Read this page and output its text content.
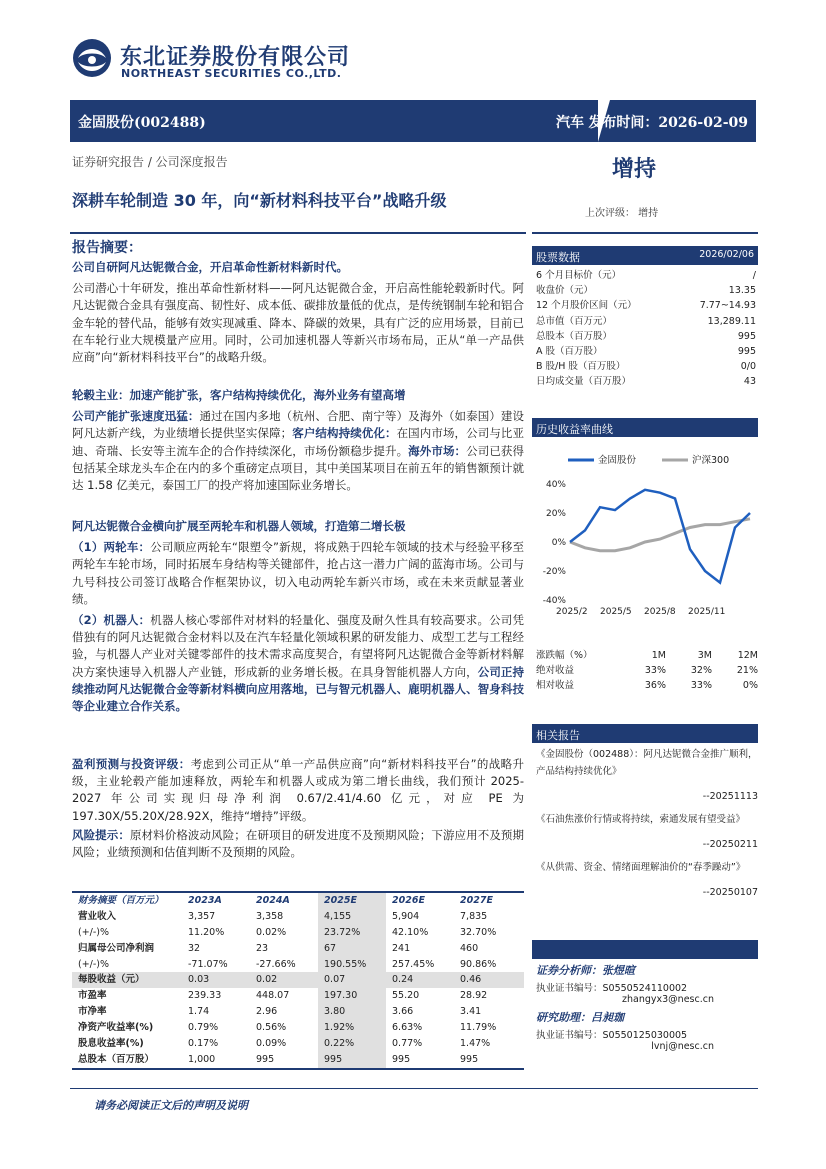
东北证券股份有限公司
NORTHEAST SECURITIES CO.,LTD.
金固股份(002488)	汽车 发布时间：2026-02-09
证券研究报告 / 公司深度报告	增持
深耕车轮制造 30 年，向“新材料科技平台”战略升级
上次评级： 增持
报告摘要：
公司自研阿凡达铌微合金，开启革命性新材料新时代。
公司潜心十年研发，推出革命性新材料——阿凡达铌微合金，开启高性能轮毂新时代。阿凡达铌微合金具有强度高、韧性好、成本低、碳排放量低的优点，是传统钢制车轮和铝合金车轮的替代品，能够有效实现减重、降本、降碳的效果，具有广泛的应用场景，目前已在车轮行业大规模量产应用。同时，公司加速机器人等新兴市场布局，正从“单一产品供应商”向“新材料科技平台”的战略升级。
轮毂主业：加速产能扩张，客户结构持续优化，海外业务有望高增
公司产能扩张速度迅猛：通过在国内多地（杭州、合肥、南宁等）及海外（如泰国）建设阿凡达新产线，为业绩增长提供坚实保障；客户结构持续优化：在国内市场，公司与比亚迪、奇瑞、长安等主流车企的合作持续深化，市场份额稳步提升。海外市场：公司已获得包括某全球龙头车企在内的多个重磅定点项目，其中美国某项目在前五年的销售额预计就达 1.58 亿美元，泰国工厂的投产将加速国际业务增长。
阿凡达铌微合金横向扩展至两轮车和机器人领域，打造第二增长极
（1）两轮车：公司顺应两轮车“限塑令”新规，将成熟于四轮车领域的技术与经验平移至两轮车车轮市场，同时拓展车身结构等关键部件，抢占这一潜力广阔的蓝海市场。公司与九号科技公司签订战略合作框架协议，切入电动两轮车新兴市场，或在未来贡献显著业绩。
（2）机器人：机器人核心零部件对材料的轻量化、强度及耐久性具有较高要求。公司凭借独有的阿凡达铌微合金材料以及在汽车轻量化领域积累的研发能力、成型工艺与工程经验，与机器人产业对关键零部件的技术需求高度契合，有望将阿凡达铌微合金等新材料解决方案快速导入机器人产业链，形成新的业务增长极。在具身智能机器人方向，公司正持续推动阿凡达铌微合金等新材料横向应用落地，已与智元机器人、鹿明机器人、智身科技等企业建立合作关系。
盈利预测与投资评级：考虑到公司正从“单一产品供应商”向“新材料科技平台”的战略升级，主业轮毂产能加速释放，两轮车和机器人或成为第二增长曲线，我们预计 2025-2027 年公司实现归母净利润 0.67/2.41/4.60 亿元，对应 PE 为 197.30X/55.20X/28.92X，维持“增持”评级。
风险提示：原材料价格波动风险；在研项目的研发进度不及预期风险；下游应用不及预期风险；业绩预测和估值判断不及预期的风险。
财务摘要（百万元）	2023A	2024A	2025E	2026E	2027E
营业收入	3,357	3,358	4,155	5,904	7,835
(+/-)%	11.20%	0.02%	23.72%	42.10%	32.70%
归属母公司净利润	32	23	67	241	460
(+/-)%	-71.07%	-27.66%	190.55%	257.45%	90.86%
每股收益（元）	0.03	0.02	0.07	0.24	0.46
市盈率	239.33	448.07	197.30	55.20	28.92
市净率	1.74	2.96	3.80	3.66	3.41
净资产收益率(%)	0.79%	0.56%	1.92%	6.63%	11.79%
股息收益率(%)	0.17%	0.09%	0.22%	0.77%	1.47%
总股本（百万股）	1,000	995	995	995	995
股票数据	2026/02/06
6 个月目标价（元）	/
收盘价（元）	13.35
12 个月股价区间（元）	7.77~14.93
总市值（百万元）	13,289.11
总股本（百万股）	995
A 股（百万股）	995
B 股/H 股（百万股）	0/0
日均成交量（百万股）	43
历史收益率曲线
金固股份	沪深300
40%
20%
0%
-20%
-40%
2025/2 2025/5 2025/8 2025/11
涨跌幅（%）	1M	3M	12M
绝对收益	33%	32%	21%
相对收益	36%	33%	0%
相关报告
《金固股份（002488）：阿凡达铌微合金推广顺利，产品结构持续优化》
--20251113
《石油焦涨价行情或将持续，索通发展有望受益》
--20250211
《从供需、资金、情绪面理解油价的“春季躁动”》
--20250107
证券分析师：张煜暄
执业证书编号：S0550524110002
zhangyx3@nesc.cn
研究助理：吕昶珈
执业证书编号：S0550125030005
lvnj@nesc.cn
请务必阅读正文后的声明及说明
